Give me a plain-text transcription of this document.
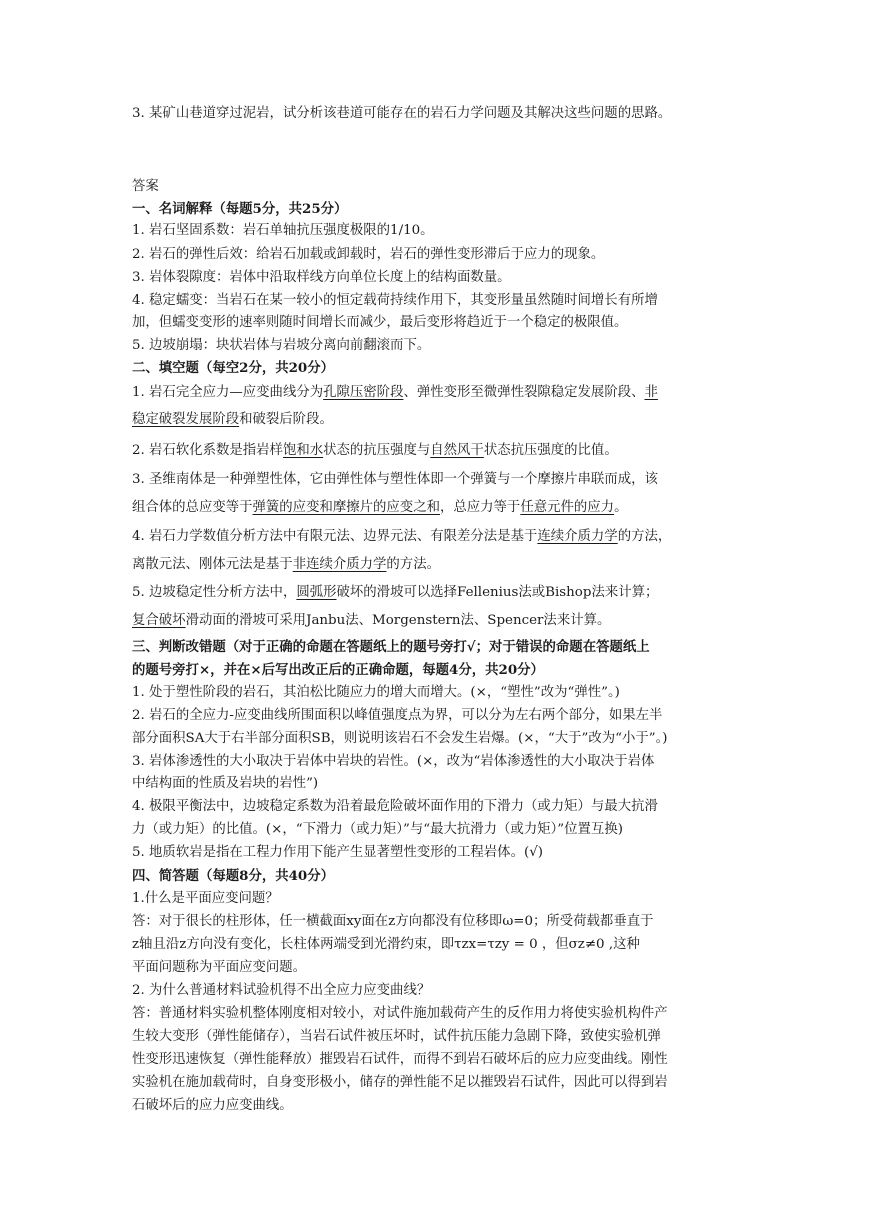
3. 某矿山巷道穿过泥岩，试分析该巷道可能存在的岩石力学问题及其解决这些问题的思路。
答案
一、名词解释（每题5分，共25分）
1. 岩石坚固系数：岩石单轴抗压强度极限的1/10。
2. 岩石的弹性后效：给岩石加载或卸载时，岩石的弹性变形滞后于应力的现象。
3. 岩体裂隙度：岩体中沿取样线方向单位长度上的结构面数量。
4. 稳定蠕变：当岩石在某一较小的恒定载荷持续作用下，其变形量虽然随时间增长有所增
加，但蠕变变形的速率则随时间增长而减少，最后变形将趋近于一个稳定的极限值。
5. 边坡崩塌：块状岩体与岩坡分离向前翻滚而下。
二、填空题（每空2分，共20分）
1. 岩石完全应力—应变曲线分为孔隙压密阶段、弹性变形至微弹性裂隙稳定发展阶段、非
稳定破裂发展阶段和破裂后阶段。
2. 岩石软化系数是指岩样饱和水状态的抗压强度与自然风干状态抗压强度的比值。
3. 圣维南体是一种弹塑性体，它由弹性体与塑性体即一个弹簧与一个摩擦片串联而成，该
组合体的总应变等于弹簧的应变和摩擦片的应变之和，总应力等于任意元件的应力。
4. 岩石力学数值分析方法中有限元法、边界元法、有限差分法是基于连续介质力学的方法，
离散元法、刚体元法是基于非连续介质力学的方法。
5. 边坡稳定性分析方法中，圆弧形破坏的滑坡可以选择Fellenius法或Bishop法来计算；
复合破坏滑动面的滑坡可采用Janbu法、Morgenstern法、Spencer法来计算。
三、判断改错题（对于正确的命题在答题纸上的题号旁打√；对于错误的命题在答题纸上
的题号旁打×，并在×后写出改正后的正确命题，每题4分，共20分）
1. 处于塑性阶段的岩石，其泊松比随应力的增大而增大。(×，“塑性”改为“弹性”。)
2. 岩石的全应力-应变曲线所围面积以峰值强度点为界，可以分为左右两个部分，如果左半
部分面积SA大于右半部分面积SB，则说明该岩石不会发生岩爆。(×，“大于”改为“小于”。)
3. 岩体渗透性的大小取决于岩体中岩块的岩性。(×，改为“岩体渗透性的大小取决于岩体
中结构面的性质及岩块的岩性”)
4. 极限平衡法中，边坡稳定系数为沿着最危险破坏面作用的下滑力（或力矩）与最大抗滑
力（或力矩）的比值。(×，“下滑力（或力矩）”与“最大抗滑力（或力矩）”位置互换)
5. 地质软岩是指在工程力作用下能产生显著塑性变形的工程岩体。(√)
四、简答题（每题8分，共40分）
1.什么是平面应变问题？
答：对于很长的柱形体，任一横截面xy面在z方向都没有位移即ω=0；所受荷载都垂直于
z轴且沿z方向没有变化，长柱体两端受到光滑约束，即τzx=τzy = 0 ，但σz≠0 ,这种
平面问题称为平面应变问题。
2. 为什么普通材料试验机得不出全应力应变曲线？
答：普通材料实验机整体刚度相对较小，对试件施加载荷产生的反作用力将使实验机构件产
生较大变形（弹性能储存），当岩石试件被压坏时，试件抗压能力急剧下降，致使实验机弹
性变形迅速恢复（弹性能释放）摧毁岩石试件，而得不到岩石破坏后的应力应变曲线。刚性
实验机在施加载荷时，自身变形极小，储存的弹性能不足以摧毁岩石试件，因此可以得到岩
石破坏后的应力应变曲线。
